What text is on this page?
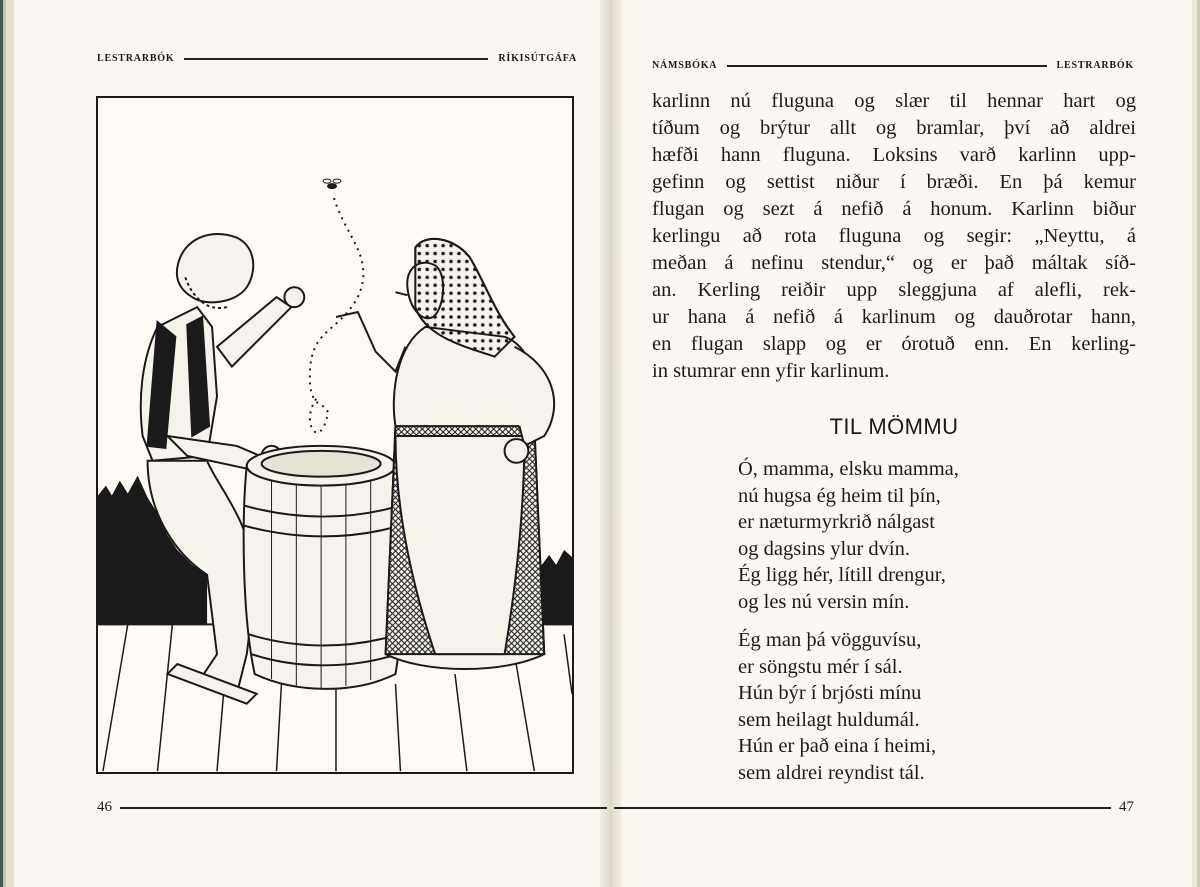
LESTRARBÓK	RÍKISÚTGÁFA
46
NÁMSBÓKA	LESTRARBÓK
karlinn nú fluguna og slær til hennar hart og
tíðum og brýtur allt og bramlar, því að aldrei
hæfði hann fluguna. Loksins varð karlinn upp-
gefinn og settist niður í bræði. En þá kemur
flugan og sezt á nefið á honum. Karlinn biður
kerlingu að rota fluguna og segir: „Neyttu, á
meðan á nefinu stendur,“ og er það máltak síð-
an. Kerling reiðir upp sleggjuna af alefli, rek-
ur hana á nefið á karlinum og dauðrotar hann,
en flugan slapp og er órotuð enn. En kerling-
in stumrar enn yfir karlinum.
TIL MÖMMU
Ó, mamma, elsku mamma,
nú hugsa ég heim til þín,
er næturmyrkrið nálgast
og dagsins ylur dvín.
Ég ligg hér, lítill drengur,
og les nú versin mín.
Ég man þá vögguvísu,
er söngstu mér í sál.
Hún býr í brjósti mínu
sem heilagt huldumál.
Hún er það eina í heimi,
sem aldrei reyndist tál.
47
